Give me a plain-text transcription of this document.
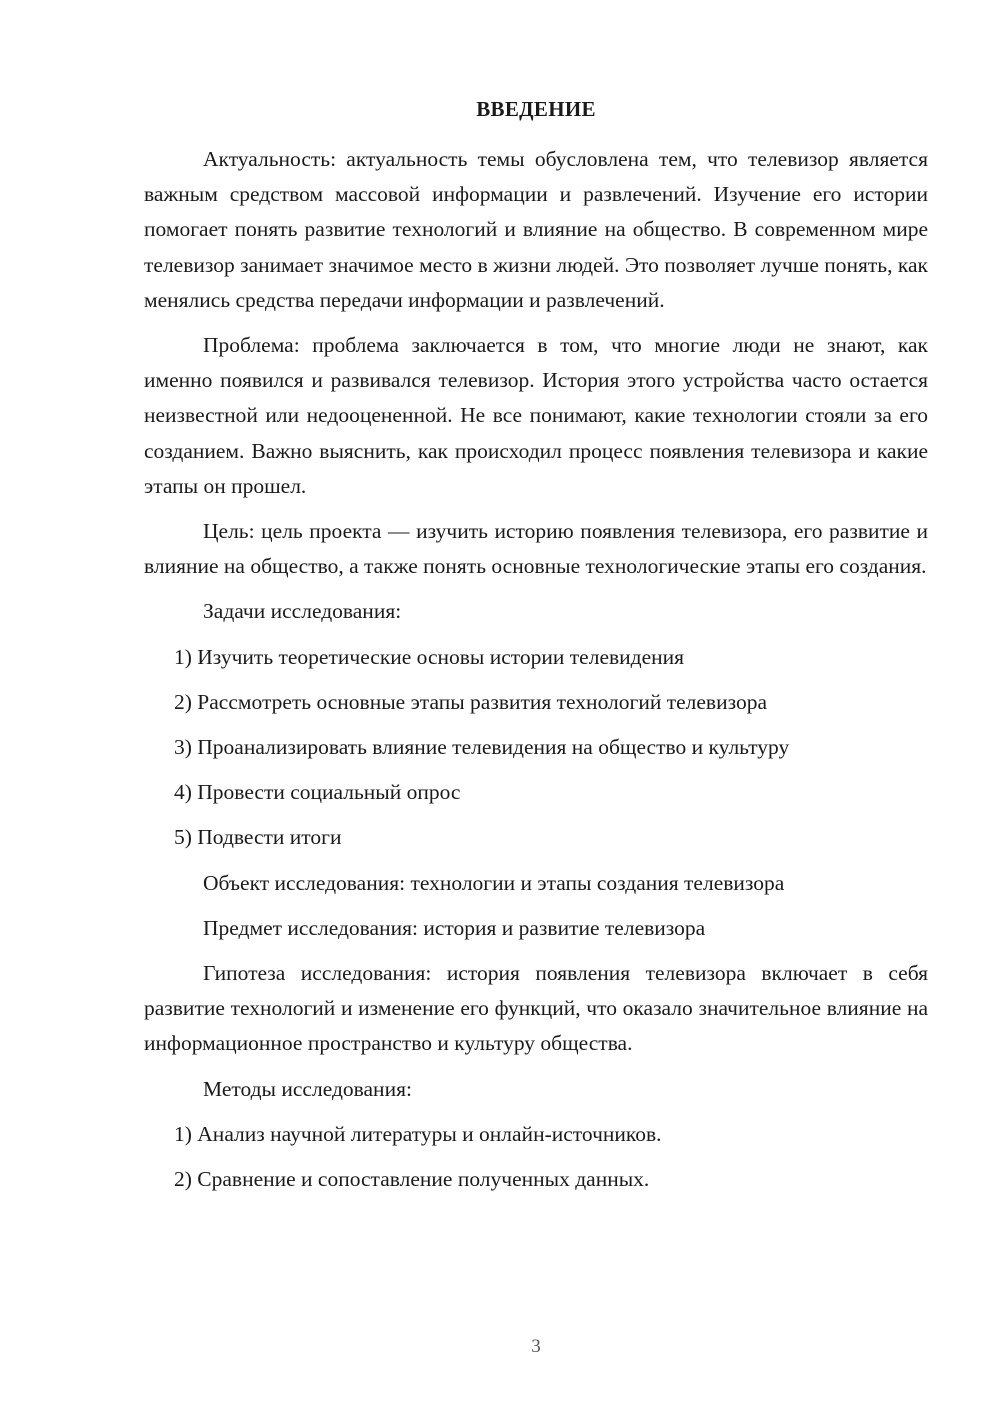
ВВЕДЕНИЕ

Актуальность: актуальность темы обусловлена тем, что телевизор является важным средством массовой информации и развлечений. Изучение его истории помогает понять развитие технологий и влияние на общество. В современном мире телевизор занимает значимое место в жизни людей. Это позволяет лучше понять, как менялись средства передачи информации и развлечений.

Проблема: проблема заключается в том, что многие люди не знают, как именно появился и развивался телевизор. История этого устройства часто остается неизвестной или недооцененной. Не все понимают, какие технологии стояли за его созданием. Важно выяснить, как происходил процесс появления телевизора и какие этапы он прошел.

Цель: цель проекта — изучить историю появления телевизора, его развитие и влияние на общество, а также понять основные технологические этапы его создания.

Задачи исследования:

1) Изучить теоретические основы истории телевидения

2) Рассмотреть основные этапы развития технологий телевизора

3) Проанализировать влияние телевидения на общество и культуру

4) Провести социальный опрос

5) Подвести итоги

Объект исследования: технологии и этапы создания телевизора

Предмет исследования: история и развитие телевизора

Гипотеза исследования: история появления телевизора включает в себя развитие технологий и изменение его функций, что оказало значительное влияние на информационное пространство и культуру общества.

Методы исследования:

1) Анализ научной литературы и онлайн-источников.

2) Сравнение и сопоставление полученных данных.

3
